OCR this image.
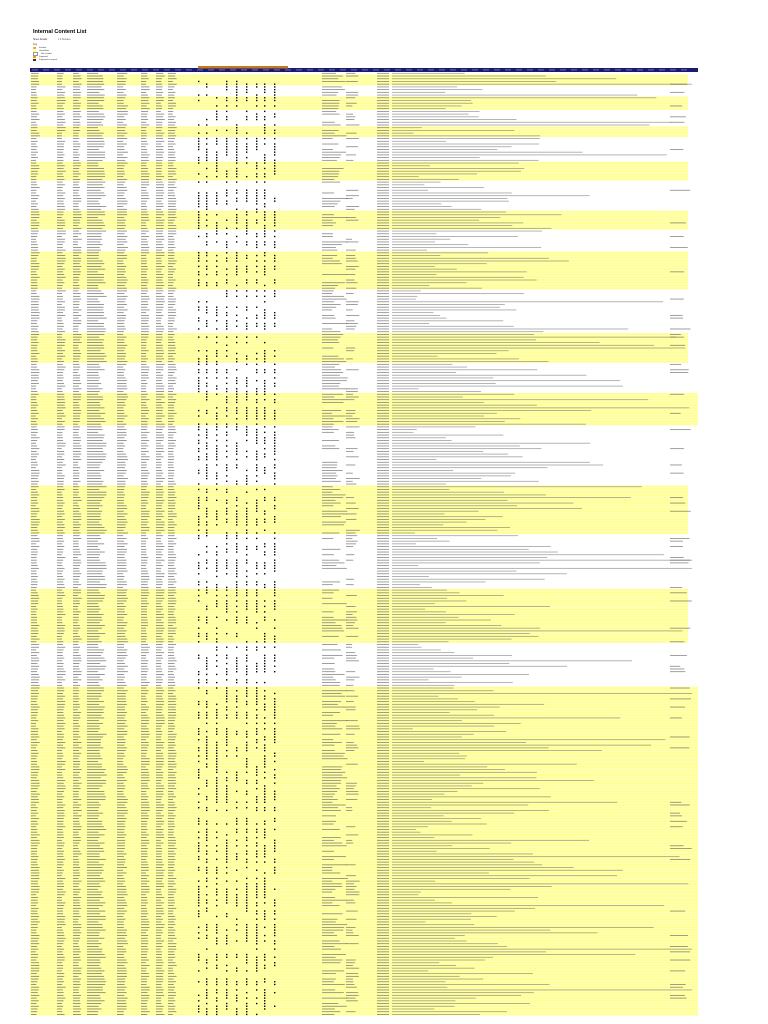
Internal Content List
Sheet Details	1.0 Release
Key
Included
Unavailable
Not included
Supported
Supported on request
